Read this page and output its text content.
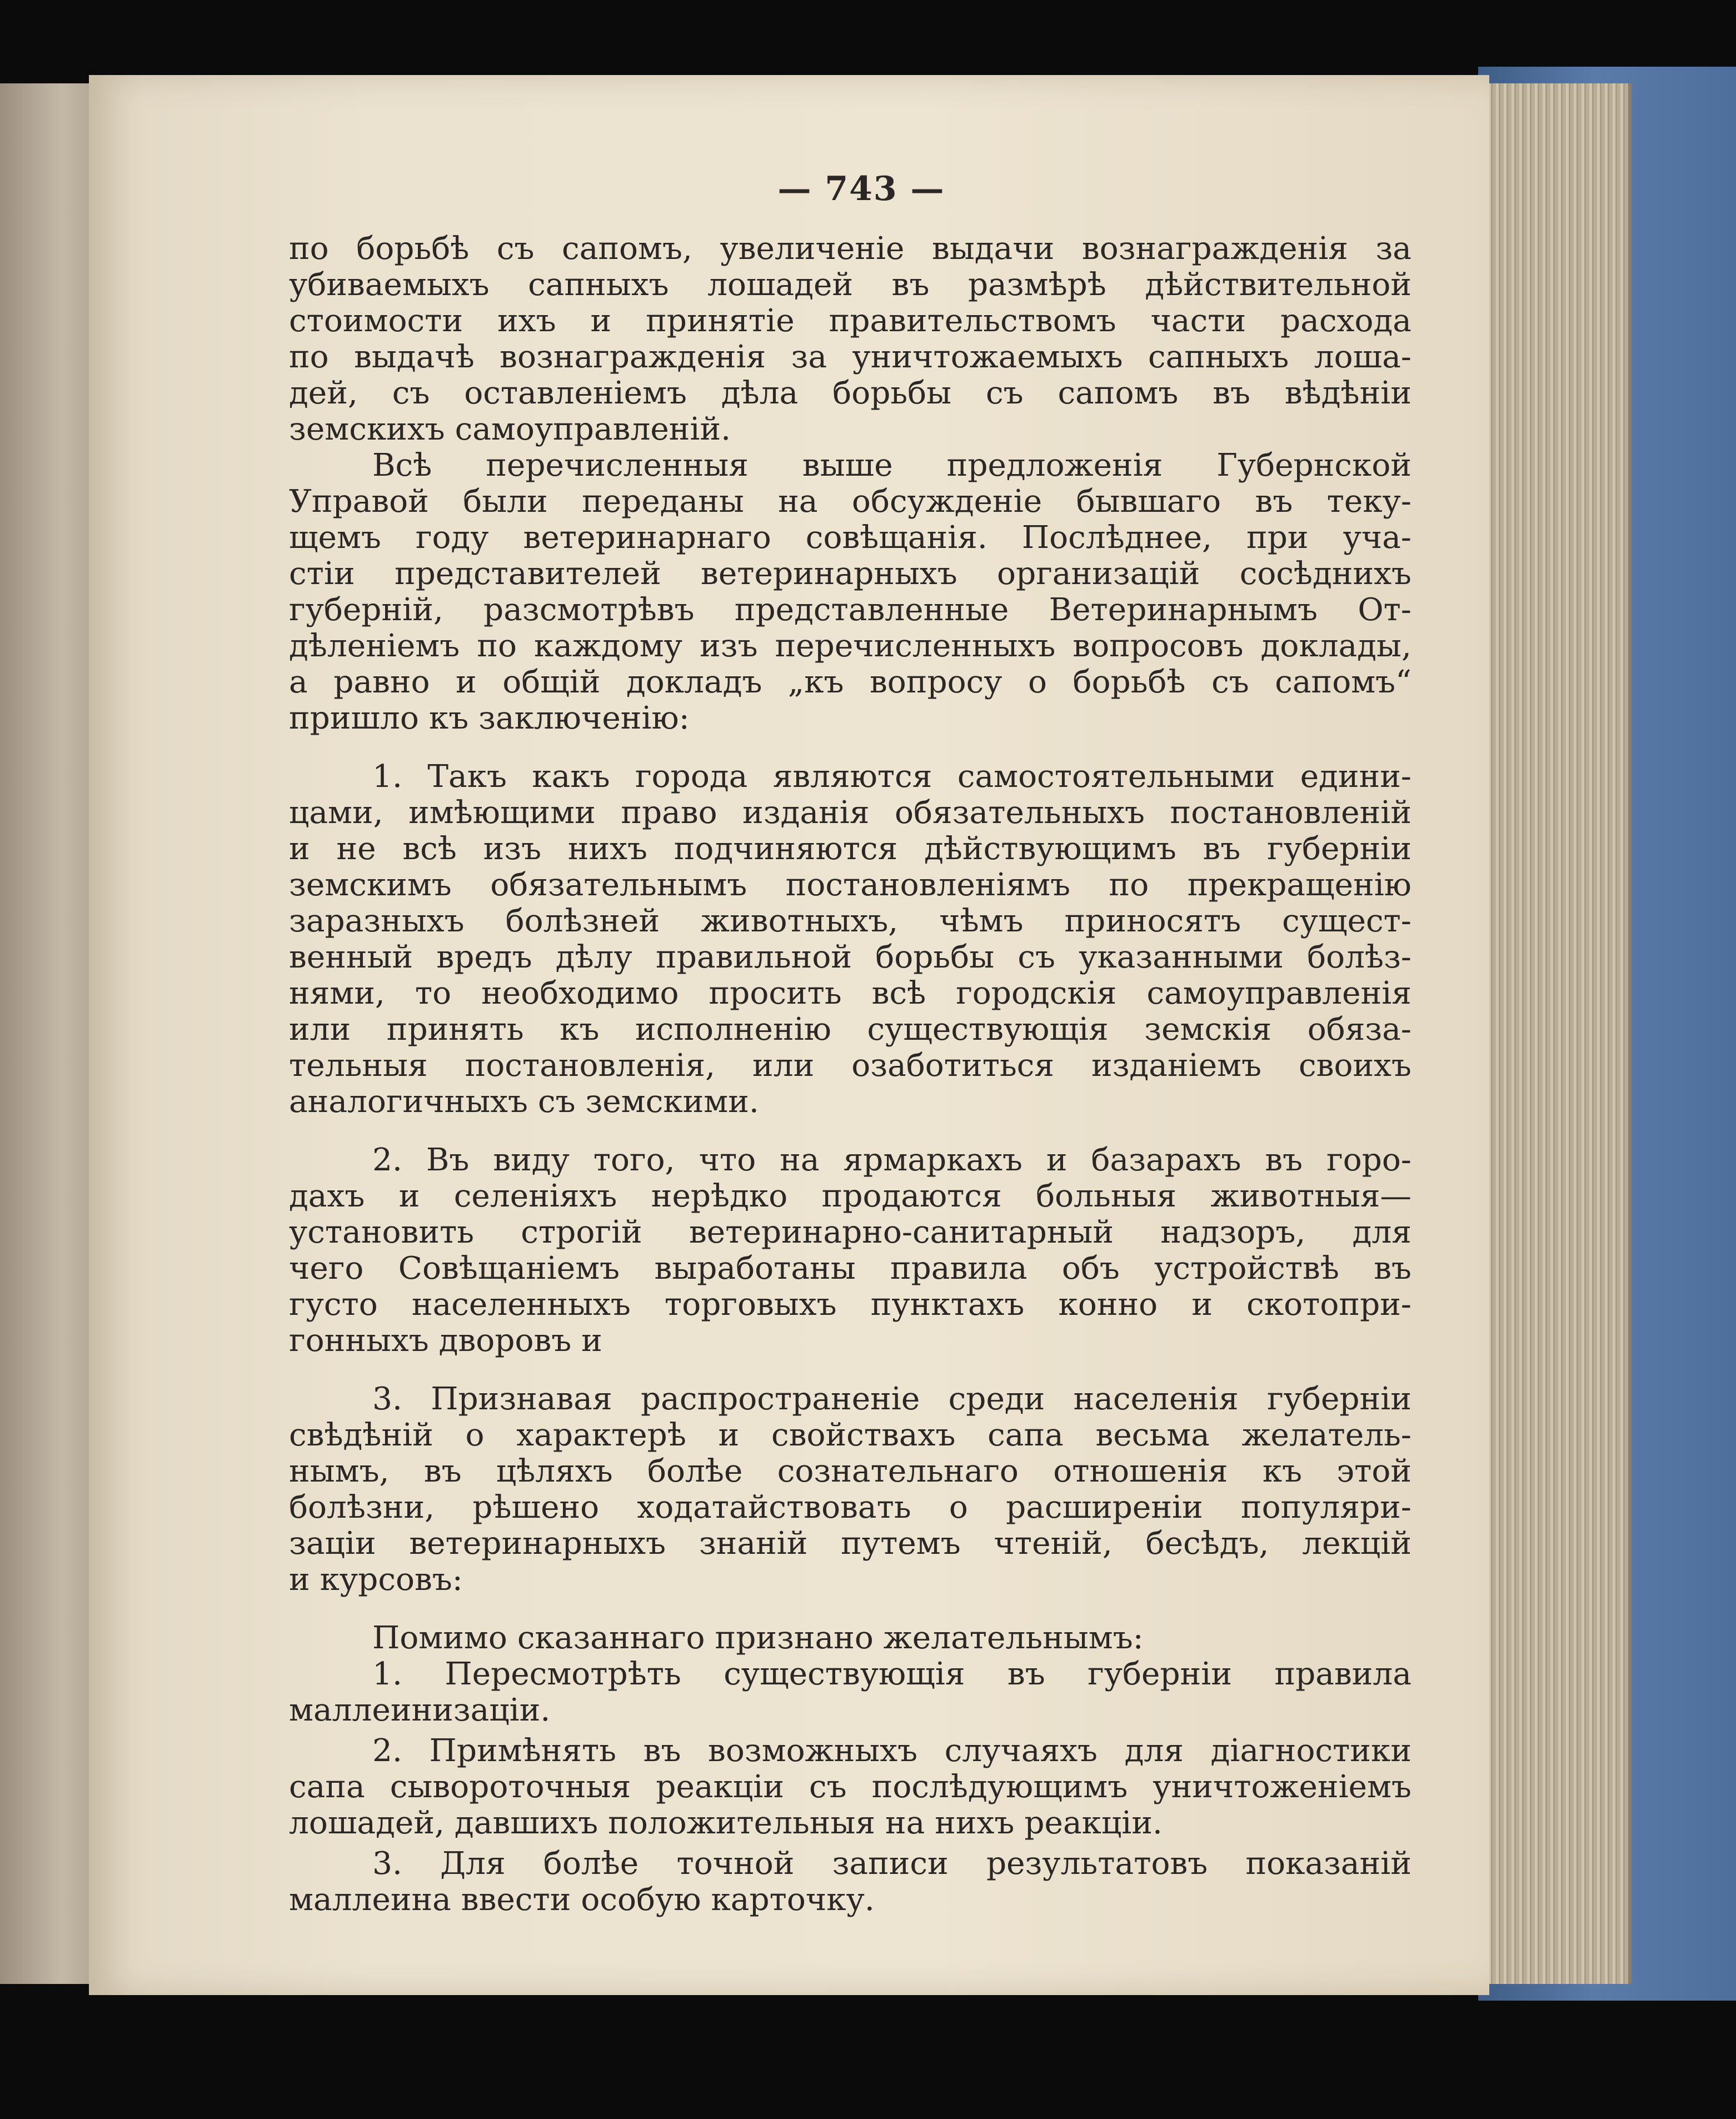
— 743 —

по борьбѣ съ сапомъ, увеличеніе выдачи вознагражденія за
убиваемыхъ сапныхъ лошадей въ размѣрѣ дѣйствительной
стоимости ихъ и принятіе правительствомъ части расхода
по выдачѣ вознагражденія за уничтожаемыхъ сапныхъ лоша-
дей, съ оставленіемъ дѣла борьбы съ сапомъ въ вѣдѣніи
земскихъ самоуправленій.

Всѣ перечисленныя выше предложенія Губернской
Управой были переданы на обсужденіе бывшаго въ теку-
щемъ году ветеринарнаго совѣщанія. Послѣднее, при уча-
стіи представителей ветеринарныхъ организацій сосѣднихъ
губерній, разсмотрѣвъ представленные Ветеринарнымъ От-
дѣленіемъ по каждому изъ перечисленныхъ вопросовъ доклады,
а равно и общій докладъ „къ вопросу о борьбѣ съ сапомъ“
пришло къ заключенію:

1. Такъ какъ города являются самостоятельными едини-
цами, имѣющими право изданія обязательныхъ постановленій
и не всѣ изъ нихъ подчиняются дѣйствующимъ въ губерніи
земскимъ обязательнымъ постановленіямъ по прекращенію
заразныхъ болѣзней животныхъ, чѣмъ приносятъ сущест-
венный вредъ дѣлу правильной борьбы съ указанными болѣз-
нями, то необходимо просить всѣ городскія самоуправленія
или принять къ исполненію существующія земскія обяза-
тельныя постановленія, или озаботиться изданіемъ своихъ
аналогичныхъ съ земскими.

2. Въ виду того, что на ярмаркахъ и базарахъ въ горо-
дахъ и селеніяхъ нерѣдко продаются больныя животныя—
установить строгій ветеринарно-санитарный надзоръ, для
чего Совѣщаніемъ выработаны правила объ устройствѣ въ
густо населенныхъ торговыхъ пунктахъ конно и скотопри-
гонныхъ дворовъ и

3. Признавая распространеніе среди населенія губерніи
свѣдѣній о характерѣ и свойствахъ сапа весьма желатель-
нымъ, въ цѣляхъ болѣе сознательнаго отношенія къ этой
болѣзни, рѣшено ходатайствовать о расширеніи популяри-
заціи ветеринарныхъ знаній путемъ чтеній, бесѣдъ, лекцій
и курсовъ:

Помимо сказаннаго признано желательнымъ:

1. Пересмотрѣть существующія въ губерніи правила
маллеинизаціи.

2. Примѣнять въ возможныхъ случаяхъ для діагностики
сапа сывороточныя реакціи съ послѣдующимъ уничтоженіемъ
лошадей, давшихъ положительныя на нихъ реакціи.

3. Для болѣе точной записи результатовъ показаній
маллеина ввести особую карточку.
